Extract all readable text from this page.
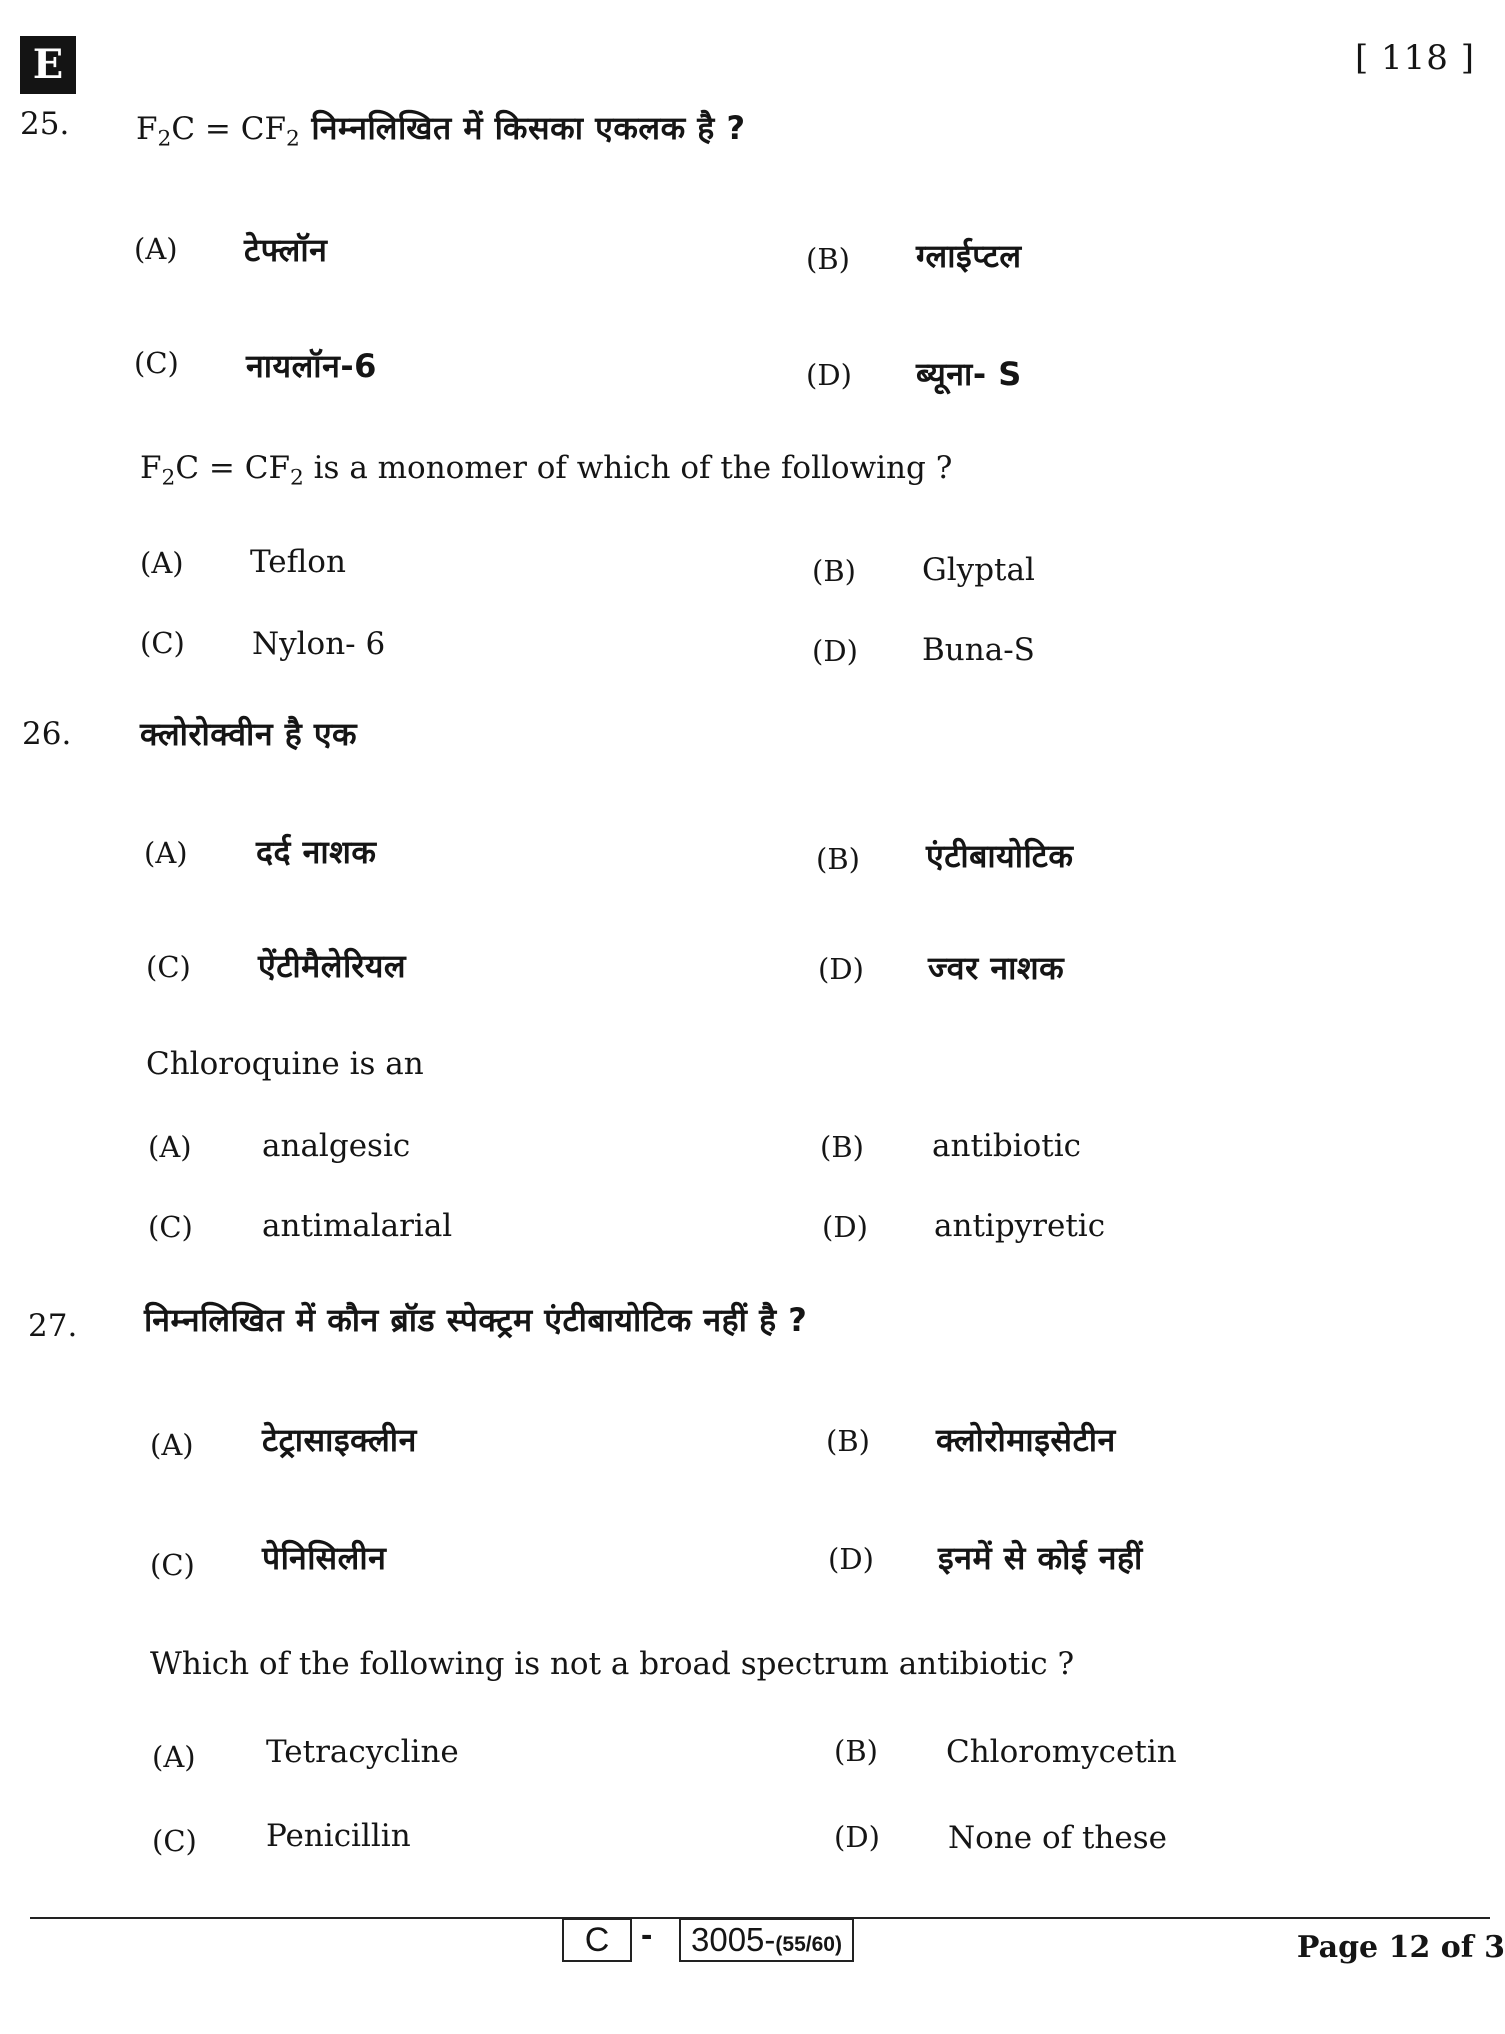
E	[ 118 ]
25. $F_2C = CF_2$ निम्नलिखित में किसका एकलक है ?
(A) टेफ्लॉन	(B) ग्लाईप्टल
(C) नायलॉन-6	(D) ब्यूना- S
$F_2C = CF_2$ is a monomer of which of the following ?
(A) Teflon	(B) Glyptal
(C) Nylon- 6	(D) Buna-S
26. क्लोरोक्वीन है एक
(A) दर्द नाशक	(B) एंटीबायोटिक
(C) ऐंटीमैलेरियल	(D) ज्वर नाशक
Chloroquine is an
(A) analgesic	(B) antibiotic
(C) antimalarial	(D) antipyretic
27. निम्नलिखित में कौन ब्रॉड स्पेक्ट्रम एंटीबायोटिक नहीं है ?
(A) टेट्रासाइक्लीन	(B) क्लोरोमाइसेटीन
(C) पेनिसिलीन	(D) इनमें से कोई नहीं
Which of the following is not a broad spectrum antibiotic ?
(A) Tetracycline	(B) Chloromycetin
(C) Penicillin	(D) None of these
C -	3005-(55/60)	Page 12 of 3
